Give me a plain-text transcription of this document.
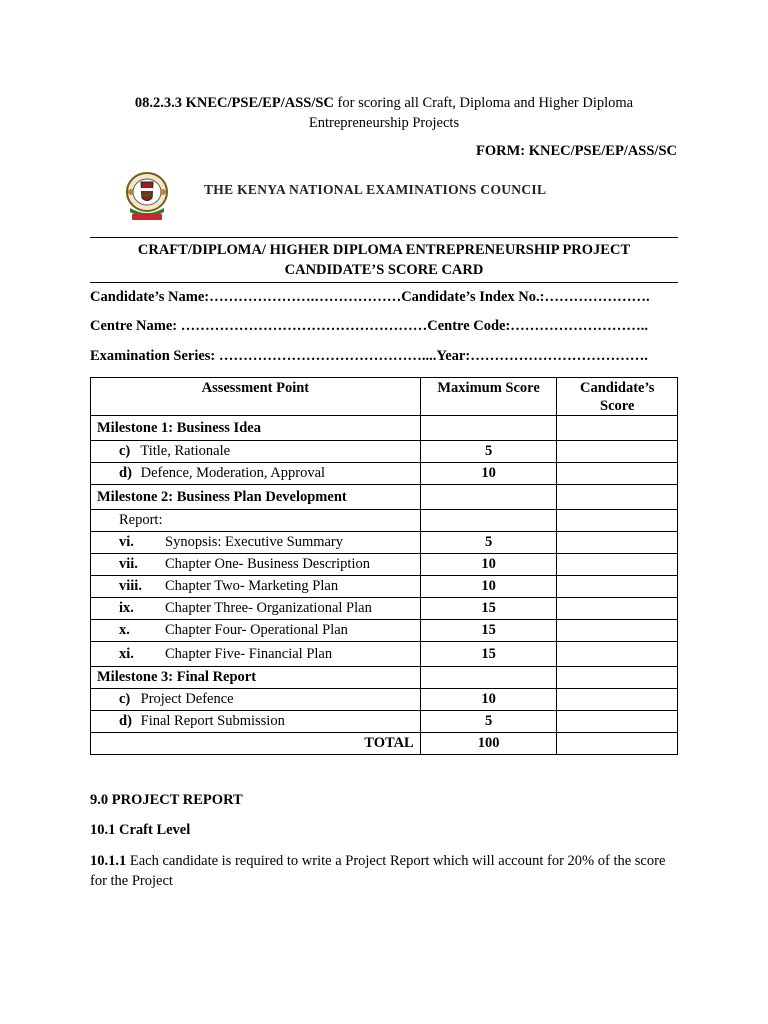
08.2.3.3 KNEC/PSE/EP/ASS/SC for scoring all Craft, Diploma and Higher Diploma
Entrepreneurship Projects
FORM: KNEC/PSE/EP/ASS/SC
THE KENYA NATIONAL EXAMINATIONS COUNCIL
CRAFT/DIPLOMA/ HIGHER DIPLOMA ENTREPRENEURSHIP PROJECT
CANDIDATE’S SCORE CARD
Candidate’s Name:………………….………………Candidate’s Index No.:………………….
Centre Name: ……………………………………………Centre Code:………………………..
Examination Series: ……………………………………....Year:……………………………….
Assessment Point	Maximum Score	Candidate’s
Score
Milestone 1: Business Idea		
c) Title, Rationale	5	
d) Defence, Moderation, Approval	10	
Milestone 2: Business Plan Development		
Report:		
vi. Synopsis: Executive Summary	5	
vii. Chapter One- Business Description	10	
viii. Chapter Two- Marketing Plan	10	
ix. Chapter Three- Organizational Plan	15	
x. Chapter Four- Operational Plan	15	
xi. Chapter Five- Financial Plan	15	
Milestone 3: Final Report		
c) Project Defence	10	
d) Final Report Submission	5	
TOTAL	100	
9.0 PROJECT REPORT
10.1 Craft Level
10.1.1 Each candidate is required to write a Project Report which will account for 20% of the score for the Project
